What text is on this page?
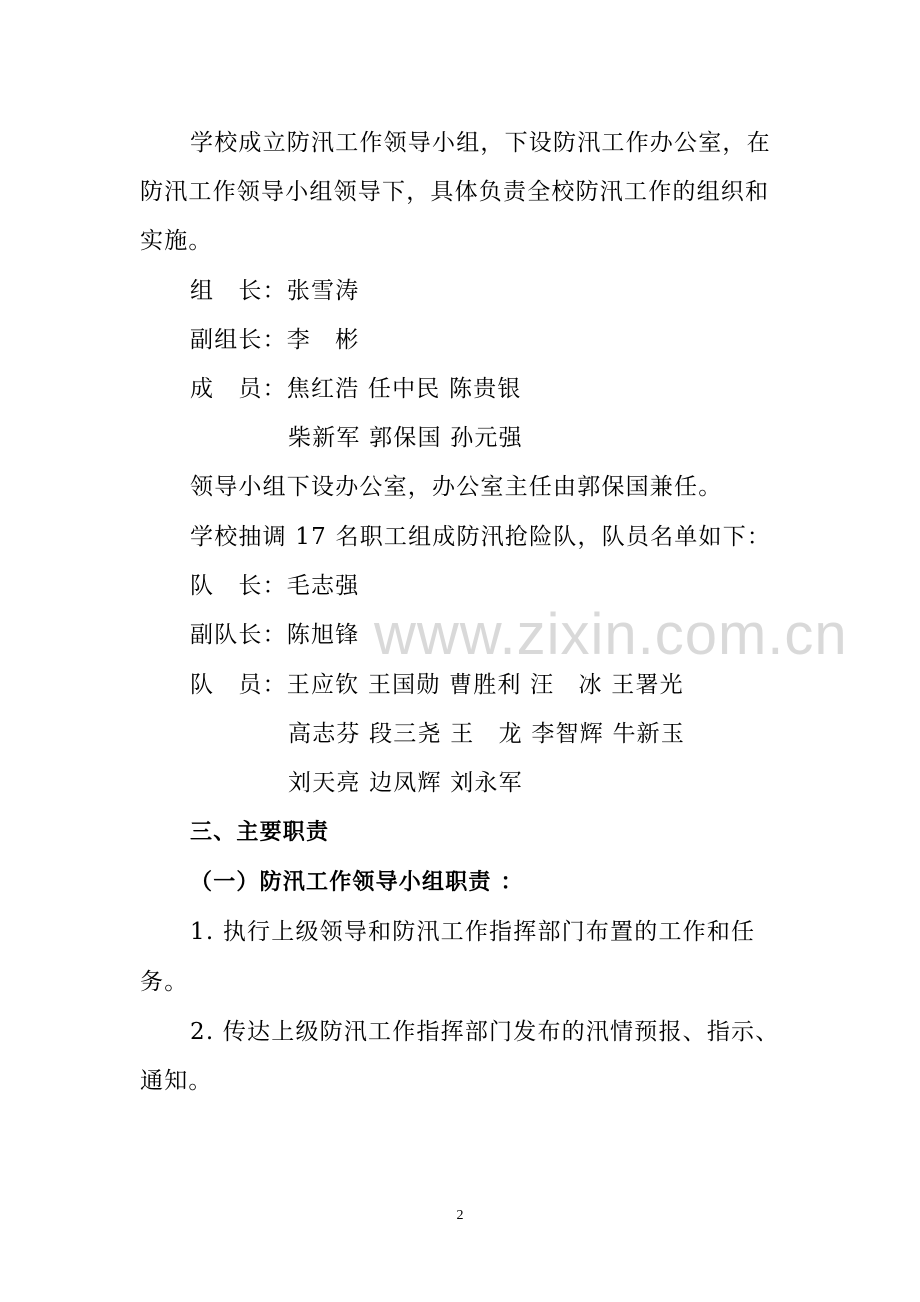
学校成立防汛工作领导小组，下设防汛工作办公室，在
防汛工作领导小组领导下，具体负责全校防汛工作的组织和
实施。
组　长：张雪涛
副组长：李　彬
成　员：焦红浩 任中民 陈贵银
柴新军 郭保国 孙元强
领导小组下设办公室，办公室主任由郭保国兼任。
学校抽调 17 名职工组成防汛抢险队，队员名单如下：
队　长：毛志强
副队长：陈旭锋
队　员：王应钦 王国勋 曹胜利 汪　冰 王署光
高志芬 段三尧 王　龙 李智辉 牛新玉
刘天亮 边凤辉 刘永军
三、主要职责
（一）防汛工作领导小组职责 ：
1. 执行上级领导和防汛工作指挥部门布置的工作和任
务。
2. 传达上级防汛工作指挥部门发布的汛情预报、指示、
通知。
www.zixin.com.cn
2
